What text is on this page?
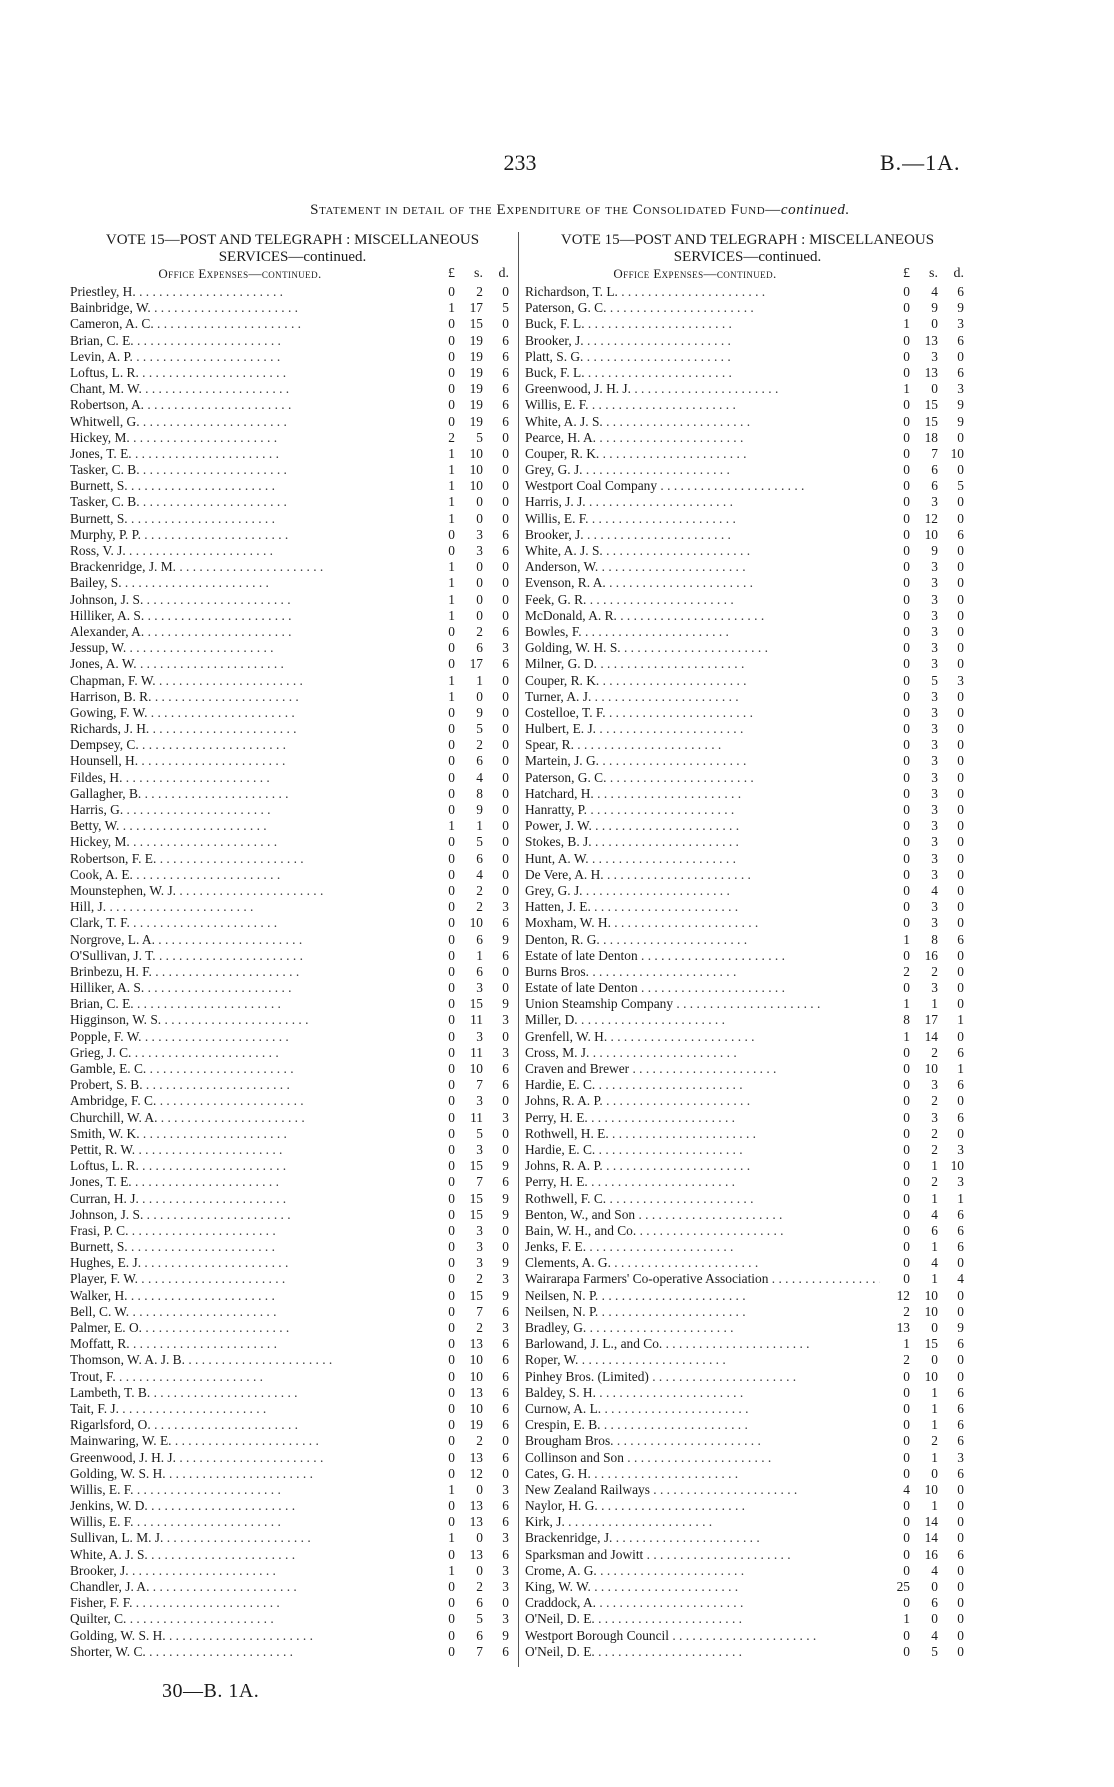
233	B.—1A.
Statement in detail of the Expenditure of the Consolidated Fund—continued.
VOTE 15—POST AND TELEGRAPH : MISCELLANEOUS
SERVICES—continued.
Office Expenses—continued.	£	s.	d.
Priestley, H. . .	0	2	0
Bainbridge, W. . .	1	17	5
Cameron, A. C. . .	0	15	0
Brian, C. E. . .	0	19	6
Levin, A. P. . .	0	19	6
Loftus, L. R. . .	0	19	6
Chant, M. W. . .	0	19	6
Robertson, A. . .	0	19	6
Whitwell, G. . .	0	19	6
Hickey, M. . .	2	5	0
Jones, T. E. . .	1	10	0
Tasker, C. B. . .	1	10	0
Burnett, S. . .	1	10	0
Tasker, C. B. . .	1	0	0
Burnett, S. . .	1	0	0
Murphy, P. P. . .	0	3	6
Ross, V. J. . .	0	3	6
Brackenridge, J. M. . .	1	0	0
Bailey, S. . .	1	0	0
Johnson, J. S. . .	1	0	0
Hilliker, A. S. . .	1	0	0
Alexander, A. . .	0	2	6
Jessup, W. . .	0	6	3
Jones, A. W. . .	0	17	6
Chapman, F. W. . .	1	1	0
Harrison, B. R. . .	1	0	0
Gowing, F. W. . .	0	9	0
Richards, J. H. . .	0	5	0
Dempsey, C. . .	0	2	0
Hounsell, H. . .	0	6	0
Fildes, H. . .	0	4	0
Gallagher, B. . .	0	8	0
Harris, G. . .	0	9	0
Betty, W. . .	1	1	0
Hickey, M. . .	0	5	0
Robertson, F. E. . .	0	6	0
Cook, A. E. . .	0	4	0
Mounstephen, W. J. . .	0	2	0
Hill, J. . .	0	2	3
Clark, T. F. . .	0	10	6
Norgrove, L. A. . .	0	6	9
O'Sullivan, J. T. . .	0	1	6
Brinbezu, H. F. . .	0	6	0
Hilliker, A. S. . .	0	3	0
Brian, C. E. . .	0	15	9
Higginson, W. S. . .	0	11	3
Popple, F. W. . .	0	3	0
Grieg, J. C. . .	0	11	3
Gamble, E. C. . .	0	10	6
Probert, S. B. . .	0	7	6
Ambridge, F. C. . .	0	3	0
Churchill, W. A. . .	0	11	3
Smith, W. K. . .	0	5	0
Pettit, R. W. . .	0	3	0
Loftus, L. R. . .	0	15	9
Jones, T. E. . .	0	7	6
Curran, H. J. . .	0	15	9
Johnson, J. S. . .	0	15	9
Frasi, P. C. . .	0	3	0
Burnett, S. . .	0	3	0
Hughes, E. J. . .	0	3	9
Player, F. W. . .	0	2	3
Walker, H. . .	0	15	9
Bell, C. W. . .	0	7	6
Palmer, E. O. . .	0	2	3
Moffatt, R. . .	0	13	6
Thomson, W. A. J. B. . .	0	10	6
Trout, F. . .	0	10	6
Lambeth, T. B. . .	0	13	6
Tait, F. J. . .	0	10	6
Rigarlsford, O. . .	0	19	6
Mainwaring, W. E. . .	0	2	0
Greenwood, J. H. J. . .	0	13	6
Golding, W. S. H. . .	0	12	0
Willis, E. F. . .	1	0	3
Jenkins, W. D. . .	0	13	6
Willis, E. F. . .	0	13	6
Sullivan, L. M. J. . .	1	0	3
White, A. J. S. . .	0	13	6
Brooker, J. . .	1	0	3
Chandler, J. A. . .	0	2	3
Fisher, F. F. . .	0	6	0
Quilter, C. . .	0	5	3
Golding, W. S. H. . .	0	6	9
Shorter, W. C. . .	0	7	6
VOTE 15—POST AND TELEGRAPH : MISCELLANEOUS
SERVICES—continued.
Office Expenses—continued.	£	s.	d.
Richardson, T. L. . .	0	4	6
Paterson, G. C. . .	0	9	9
Buck, F. L. . .	1	0	3
Brooker, J. . .	0	13	6
Platt, S. G. . .	0	3	0
Buck, F. L. . .	0	13	6
Greenwood, J. H. J. . .	1	0	3
Willis, E. F. . .	0	15	9
White, A. J. S. . .	0	15	9
Pearce, H. A. . .	0	18	0
Couper, R. K. . .	0	7 10
Grey, G. J. . .	0	6	0
Westport Coal Company . .	0	6	5
Harris, J. J. . .	0	3	0
Willis, E. F. . .	0	12	0
Brooker, J. . .	0	10	6
White, A. J. S. . .	0	9	0
Anderson, W. . .	0	3	0
Evenson, R. A. . .	0	3	0
Feek, G. R. . .	0	3	0
McDonald, A. R. . .	0	3	0
Bowles, F. . .	0	3	0
Golding, W. H. S. . .	0	3	0
Milner, G. D. . .	0	3	0
Couper, R. K. . .	0	5	3
Turner, A. J. . .	0	3	0
Costelloe, T. F. . .	0	3	0
Hulbert, E. J. . .	0	3	0
Spear, R. . .	0	3	0
Martein, J. G. . .	0	3	0
Paterson, G. C. . .	0	3	0
Hatchard, H. . .	0	3	0
Hanratty, P. . .	0	3	0
Power, J. W. . .	0	3	0
Stokes, B. J. . .	0	3	0
Hunt, A. W. . .	0	3	0
De Vere, A. H. . .	0	3	0
Grey, G. J. . .	0	4	0
Hatten, J. E. . .	0	3	0
Moxham, W. H. . .	0	3	0
Denton, R. G. . .	1	8	6
Estate of late Denton . .	0	16	0
Burns Bros. . .	2	2	0
Estate of late Denton . .	0	3	0
Union Steamship Company . .	1	1	0
Miller, D. . .	8	17	1
Grenfell, W. H. . .	1	14	0
Cross, M. J. . .	0	2	6
Craven and Brewer . .	0	10	1
Hardie, E. C. . .	0	3	6
Johns, R. A. P. . .	0	2	0
Perry, H. E. . .	0	3	6
Rothwell, H. E. . .	0	2	0
Hardie, E. C. . .	0	2	3
Johns, R. A. P. . .	0	1 10
Perry, H. E. . .	0	2	3
Rothwell, F. C. . .	0	1	1
Benton, W., and Son . .	0	4	6
Bain, W. H., and Co. . .	0	6	6
Jenks, F. E. . .	0	1	6
Clements, A. G. . .	0	4	0
Wairarapa Farmers' Co-operative Association . .	0	1	4
Neilsen, N. P. . .	12	10	0
Neilsen, N. P. . .	2	10	0
Bradley, G. . .	13	0	9
Barlowand, J. L., and Co. . .	1	15	6
Roper, W. . .	2	0	0
Pinhey Bros. (Limited) . .	0	10	0
Baldey, S. H. . .	0	1	6
Curnow, A. L. . .	0	1	6
Crespin, E. B. . .	0	1	6
Brougham Bros. . .	0	2	6
Collinson and Son . .	0	1	3
Cates, G. H. . .	0	0	6
New Zealand Railways . .	4	10	0
Naylor, H. G. . .	0	1	0
Kirk, J. . .	0	14	0
Brackenridge, J. . .	0	14	0
Sparksman and Jowitt . .	0	16	6
Crome, A. G. . .	0	4	0
King, W. W. . .	25	0	0
Craddock, A. . .	0	6	0
O'Neil, D. E. . .	1	0	0
Westport Borough Council . .	0	4	0
O'Neil, D. E. . .	0	5	0
30—B. 1A.
